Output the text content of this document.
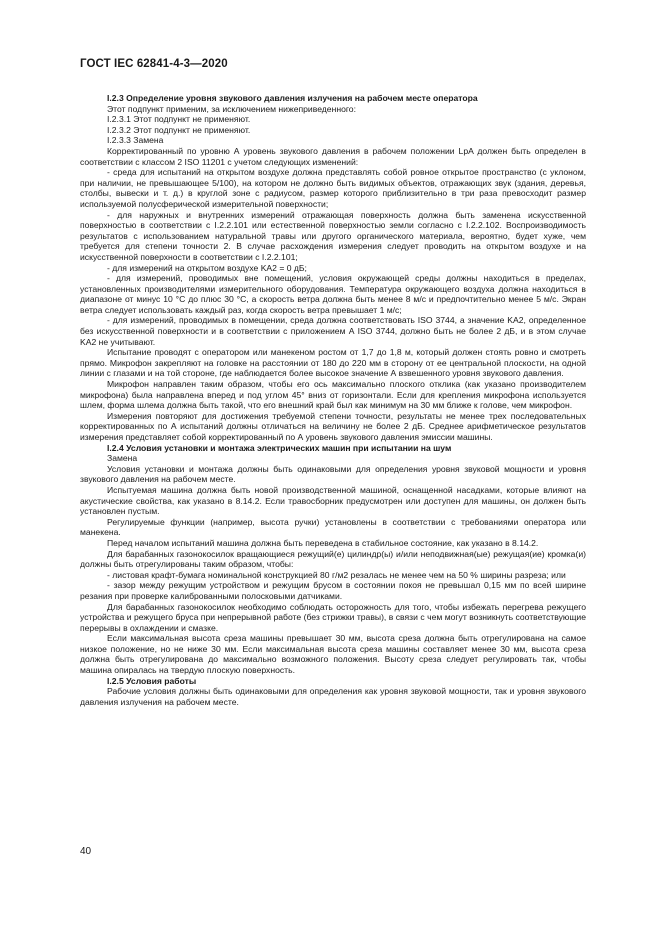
ГОСТ IEC 62841-4-3—2020

I.2.3 Определение уровня звукового давления излучения на рабочем месте оператора

Этот подпункт применим, за исключением нижеприведенного:

I.2.3.1 Этот подпункт не применяют.

I.2.3.2 Этот подпункт не применяют.

I.2.3.3 Замена

Корректированный по уровню А уровень звукового давления в рабочем положении LpA должен быть определен в соответствии с классом 2 ISO 11201 с учетом следующих изменений:

- среда для испытаний на открытом воздухе должна представлять собой ровное открытое пространство (с уклоном, при наличии, не превышающее 5/100), на котором не должно быть видимых объектов, отражающих звук (здания, деревья, столбы, вывески и т. д.) в круглой зоне с радиусом, размер которого приблизительно в три раза превосходит размер используемой полусферической измерительной поверхности;

- для наружных и внутренних измерений отражающая поверхность должна быть заменена искусственной поверхностью в соответствии с I.2.2.101 или естественной поверхностью земли согласно с I.2.2.102. Воспроизводимость результатов с использованием натуральной травы или другого органического материала, вероятно, будет хуже, чем требуется для степени точности 2. В случае расхождения измерения следует проводить на открытом воздухе и на искусственной поверхности в соответствии с I.2.2.101;

- для измерений на открытом воздухе KA2 = 0 дБ;

- для измерений, проводимых вне помещений, условия окружающей среды должны находиться в пределах, установленных производителями измерительного оборудования. Температура окружающего воздуха должна находиться в диапазоне от минус 10 °С до плюс 30 °С, а скорость ветра должна быть менее 8 м/с и предпочтительно менее 5 м/с. Экран ветра следует использовать каждый раз, когда скорость ветра превышает 1 м/с;

- для измерений, проводимых в помещении, среда должна соответствовать ISO 3744, а значение KA2, определенное без искусственной поверхности и в соответствии с приложением А ISO 3744, должно быть не более 2 дБ, и в этом случае KA2 не учитывают.

Испытание проводят с оператором или манекеном ростом от 1,7 до 1,8 м, который должен стоять ровно и смотреть прямо. Микрофон закрепляют на головке на расстоянии от 180 до 220 мм в сторону от ее центральной плоскости, на одной линии с глазами и на той стороне, где наблюдается более высокое значение А взвешенного уровня звукового давления.

Микрофон направлен таким образом, чтобы его ось максимально плоского отклика (как указано производителем микрофона) была направлена вперед и под углом 45° вниз от горизонтали. Если для крепления микрофона используется шлем, форма шлема должна быть такой, что его внешний край был как минимум на 30 мм ближе к голове, чем микрофон.

Измерения повторяют для достижения требуемой степени точности, результаты не менее трех последовательных корректированных по А испытаний должны отличаться на величину не более 2 дБ. Среднее арифметическое результатов измерения представляет собой корректированный по А уровень звукового давления эмиссии машины.

I.2.4 Условия установки и монтажа электрических машин при испытании на шум

Замена

Условия установки и монтажа должны быть одинаковыми для определения уровня звуковой мощности и уровня звукового давления на рабочем месте.

Испытуемая машина должна быть новой производственной машиной, оснащенной насадками, которые влияют на акустические свойства, как указано в 8.14.2. Если травосборник предусмотрен или доступен для машины, он должен быть установлен пустым.

Регулируемые функции (например, высота ручки) установлены в соответствии с требованиями оператора или манекена.

Перед началом испытаний машина должна быть переведена в стабильное состояние, как указано в 8.14.2.

Для барабанных газонокосилок вращающиеся режущий(е) цилиндр(ы) и/или неподвижная(ые) режущая(ие) кромка(и) должны быть отрегулированы таким образом, чтобы:

- листовая крафт-бумага номинальной конструкцией 80 г/м2 резалась не менее чем на 50 % ширины разреза; или

- зазор между режущим устройством и режущим брусом в состоянии покоя не превышал 0,15 мм по всей ширине резания при проверке калиброванными полосковыми датчиками.

Для барабанных газонокосилок необходимо соблюдать осторожность для того, чтобы избежать перегрева режущего устройства и режущего бруса при непрерывной работе (без стрижки травы), в связи с чем могут возникнуть соответствующие перерывы в охлаждении и смазке.

Если максимальная высота среза машины превышает 30 мм, высота среза должна быть отрегулирована на самое низкое положение, но не ниже 30 мм. Если максимальная высота среза машины составляет менее 30 мм, высота среза должна быть отрегулирована до максимально возможного положения. Высоту среза следует регулировать так, чтобы машина опиралась на твердую плоскую поверхность.

I.2.5 Условия работы

Рабочие условия должны быть одинаковыми для определения как уровня звуковой мощности, так и уровня звукового давления излучения на рабочем месте.

40
